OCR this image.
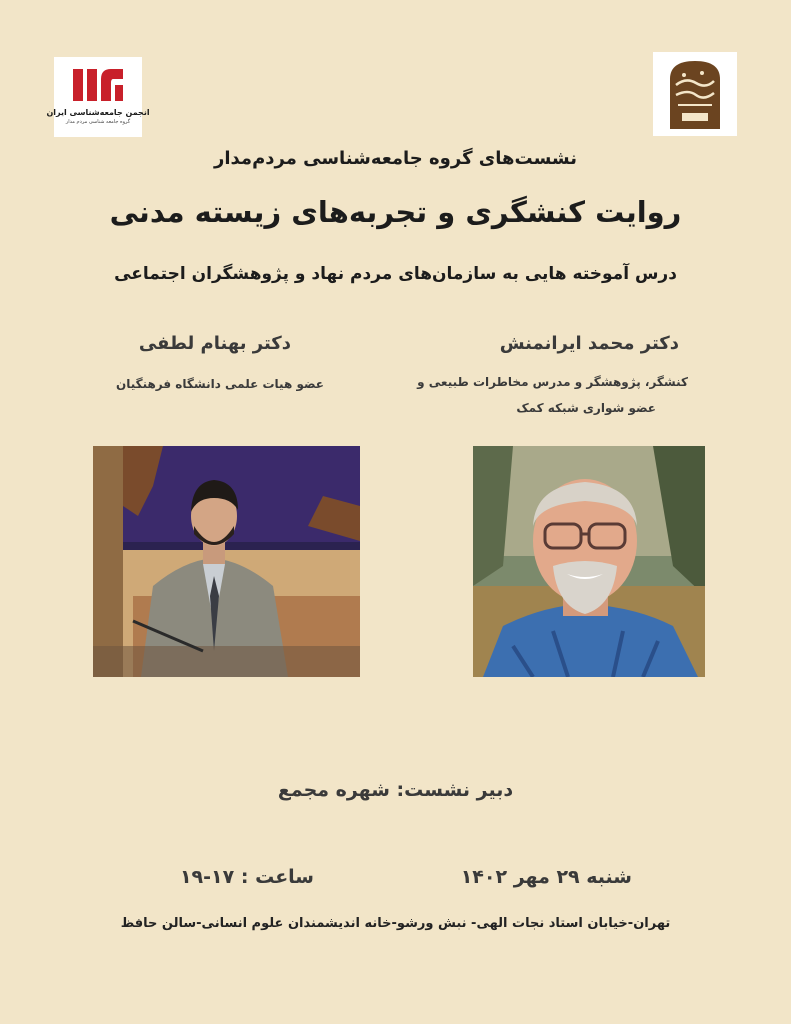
انجمن جامعه‌شناسی ایران
گروه جامعه شناسی مردم مدار
نشست‌های گروه جامعه‌شناسی مردم‌مدار
روایت کنشگری و تجربه‌های زیسته مدنی
درس آموخته هایی به سازمان‌های مردم نهاد و پژوهشگران اجتماعی
دکتر محمد ایرانمنش
کنشگر، پژوهشگر و مدرس مخاطرات طبیعی و
عضو شواری شبکه کمک
دکتر بهنام لطفی
عضو هیات علمی دانشگاه فرهنگیان
دبیر نشست: شهره مجمع
شنبه ۲۹ مهر ۱۴۰۲
ساعت : ۱۷-۱۹
تهران-خیابان استاد نجات الهی- نبش ورشو-خانه اندیشمندان علوم انسانی-سالن حافظ
